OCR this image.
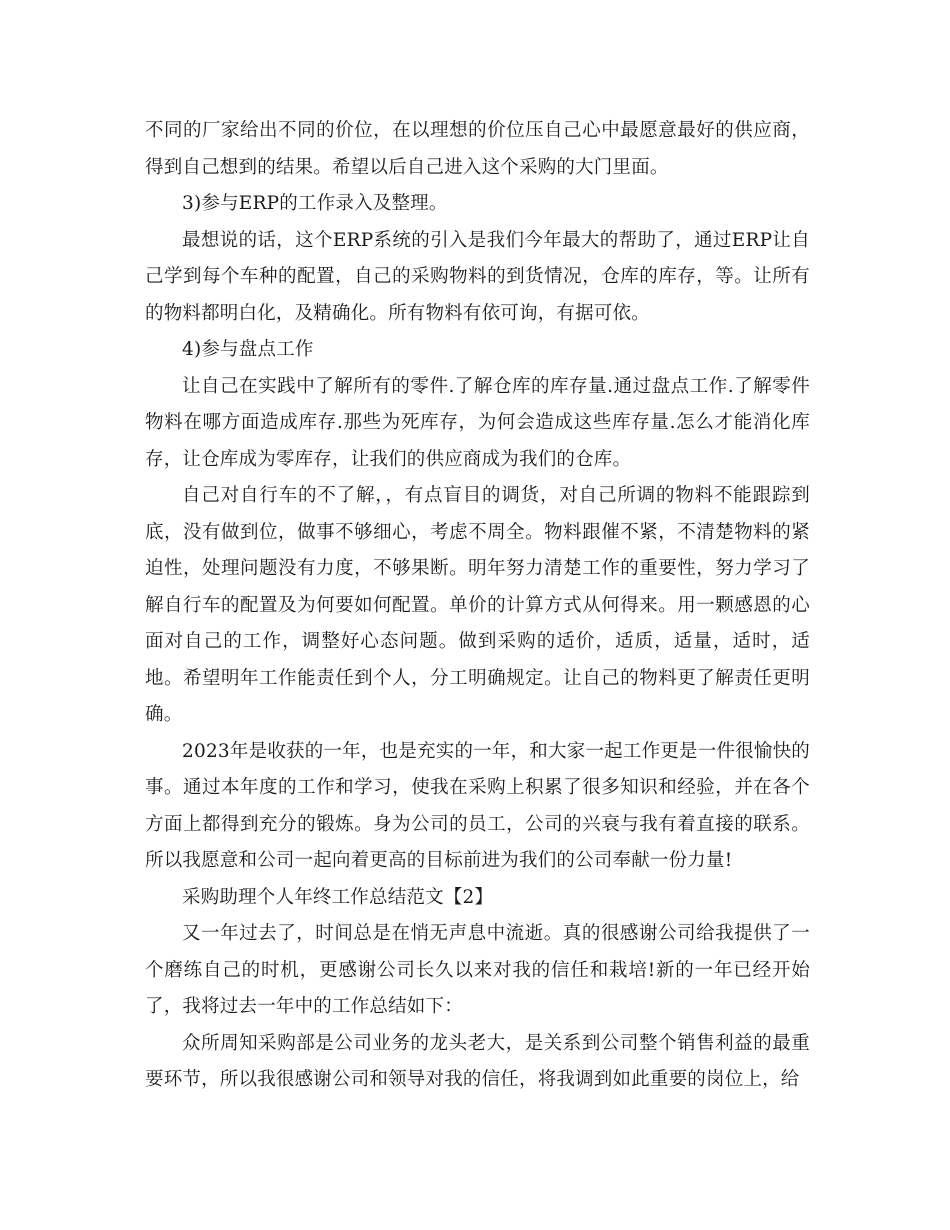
不同的厂家给出不同的价位，在以理想的价位压自己心中最愿意最好的供应商，得到自己想到的结果。希望以后自己进入这个采购的大门里面。

3)参与ERP的工作录入及整理。

最想说的话，这个ERP系统的引入是我们今年最大的帮助了，通过ERP让自己学到每个车种的配置，自己的采购物料的到货情况，仓库的库存，等。让所有的物料都明白化，及精确化。所有物料有依可询，有据可依。

4)参与盘点工作

让自己在实践中了解所有的零件.了解仓库的库存量.通过盘点工作.了解零件物料在哪方面造成库存.那些为死库存，为何会造成这些库存量.怎么才能消化库存，让仓库成为零库存，让我们的供应商成为我们的仓库。

自己对自行车的不了解，，有点盲目的调货，对自己所调的物料不能跟踪到底，没有做到位，做事不够细心，考虑不周全。物料跟催不紧，不清楚物料的紧迫性，处理问题没有力度，不够果断。明年努力清楚工作的重要性，努力学习了解自行车的配置及为何要如何配置。单价的计算方式从何得来。用一颗感恩的心面对自己的工作，调整好心态问题。做到采购的适价，适质，适量，适时，适地。希望明年工作能责任到个人，分工明确规定。让自己的物料更了解责任更明确。

2023年是收获的一年，也是充实的一年，和大家一起工作更是一件很愉快的事。通过本年度的工作和学习，使我在采购上积累了很多知识和经验，并在各个方面上都得到充分的锻炼。身为公司的员工，公司的兴衰与我有着直接的联系。所以我愿意和公司一起向着更高的目标前进为我们的公司奉献一份力量!

采购助理个人年终工作总结范文【2】

又一年过去了，时间总是在悄无声息中流逝。真的很感谢公司给我提供了一个磨练自己的时机，更感谢公司长久以来对我的信任和栽培!新的一年已经开始了，我将过去一年中的工作总结如下：

众所周知采购部是公司业务的龙头老大，是关系到公司整个销售利益的最重要环节，所以我很感谢公司和领导对我的信任，将我调到如此重要的岗位上，给
